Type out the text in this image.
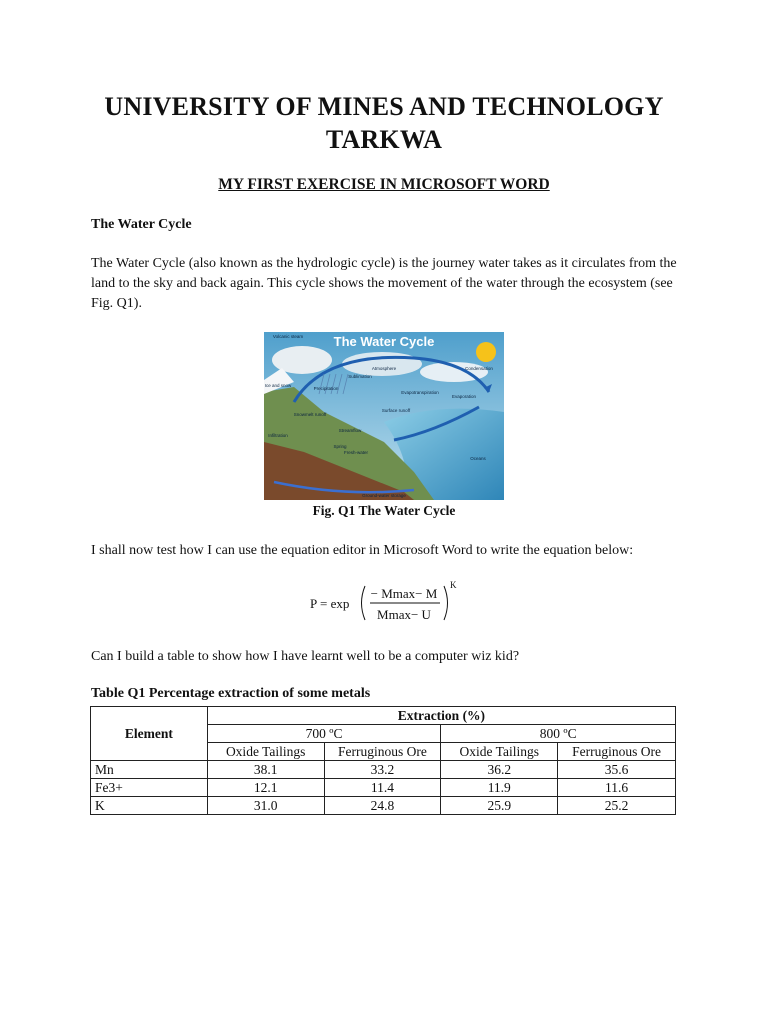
UNIVERSITY OF MINES AND TECHNOLOGY
TARKWA
MY FIRST EXERCISE IN MICROSOFT WORD
The Water Cycle
The Water Cycle (also known as the hydrologic cycle) is the journey water takes as it circulates from the land to the sky and back again. This cycle shows the movement of the water through the ecosystem (see Fig. Q1).
The Water Cycle
Atmosphere	Condensation
Evaporation
Precipitation
Snowmelt runoff
Oceans
Ice and snow
Infiltration
Fresh-water
Ground-water storage
Sublimation
Surface runoff
Evapotranspiration
Volcanic steam
Streamflow
Spring
Fig. Q1 The Water Cycle
I shall now test how I can use the equation editor in Microsoft Word to write the equation below:
P = exp
− Mmax− M
Mmax− U
K
Can I build a table to show how I have learnt well to be a computer wiz kid?
Table Q1 Percentage extraction of some metals
Element	Extraction (%)			
	700 ºC		800 ºC	
	Oxide Tailings	Ferruginous Ore	Oxide Tailings	Ferruginous Ore
Mn	38.1	33.2	36.2	35.6
Fe3+	12.1	11.4	11.9	11.6
K	31.0	24.8	25.9	25.2
